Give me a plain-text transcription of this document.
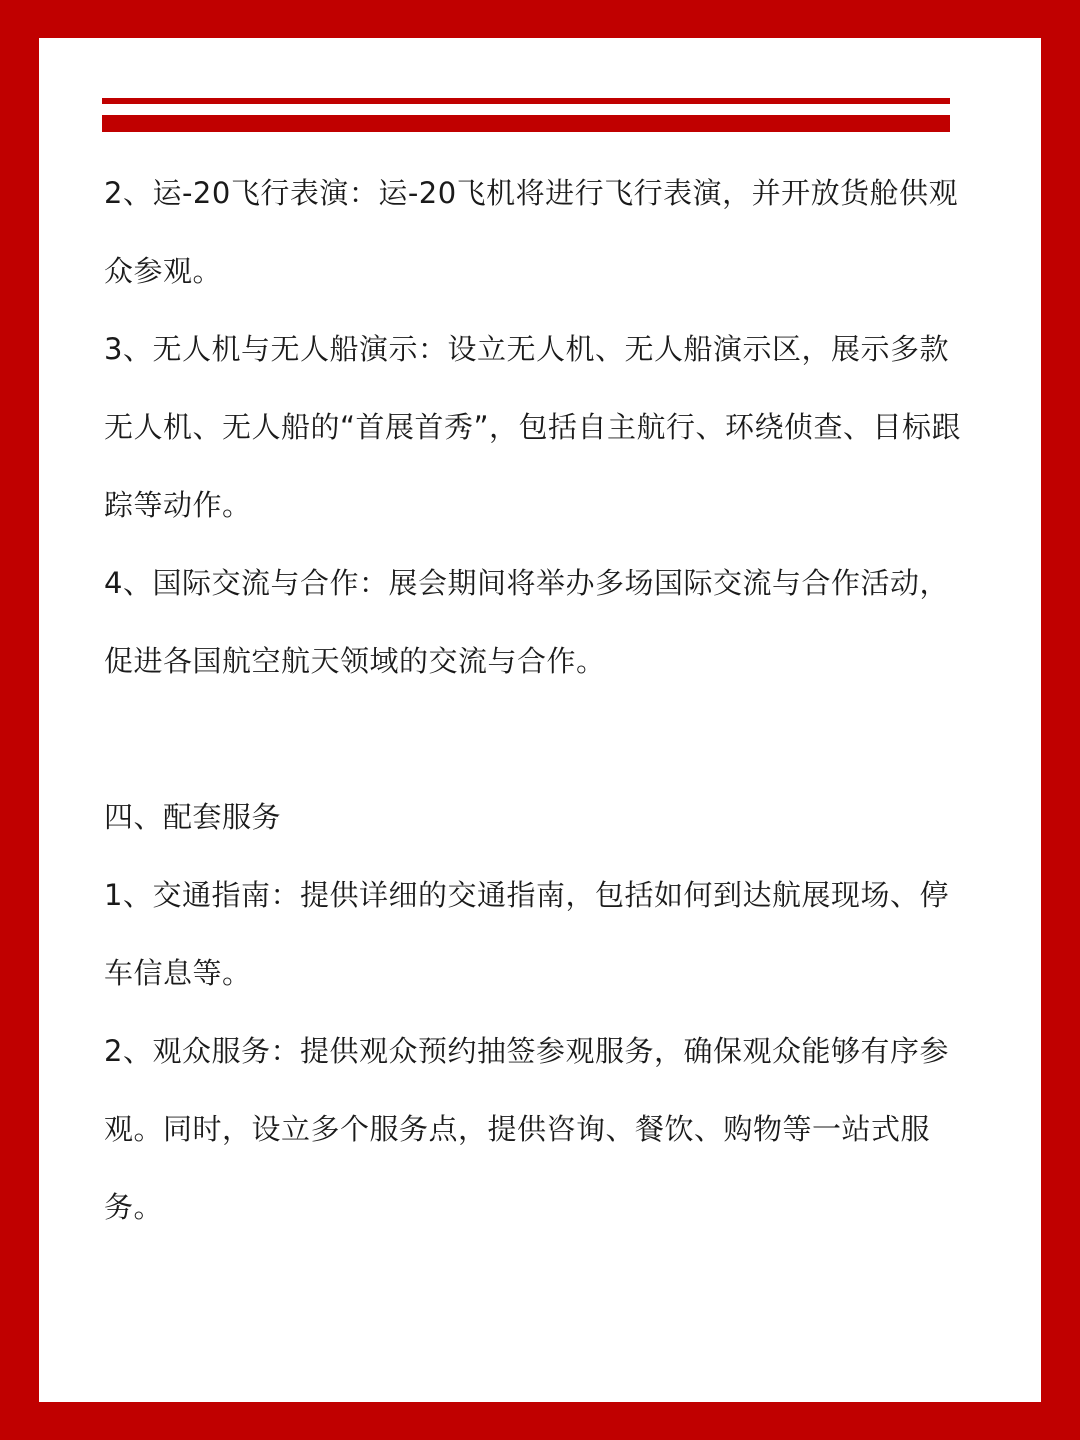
2、运-20飞行表演：运-20飞机将进行飞行表演，并开放货舱供观众参观。

3、无人机与无人船演示：设立无人机、无人船演示区，展示多款无人机、无人船的“首展首秀”，包括自主航行、环绕侦查、目标跟踪等动作。

4、国际交流与合作：展会期间将举办多场国际交流与合作活动，促进各国航空航天领域的交流与合作。

四、配套服务

1、交通指南：提供详细的交通指南，包括如何到达航展现场、停车信息等。

2、观众服务：提供观众预约抽签参观服务，确保观众能够有序参观。同时，设立多个服务点，提供咨询、餐饮、购物等一站式服务。
